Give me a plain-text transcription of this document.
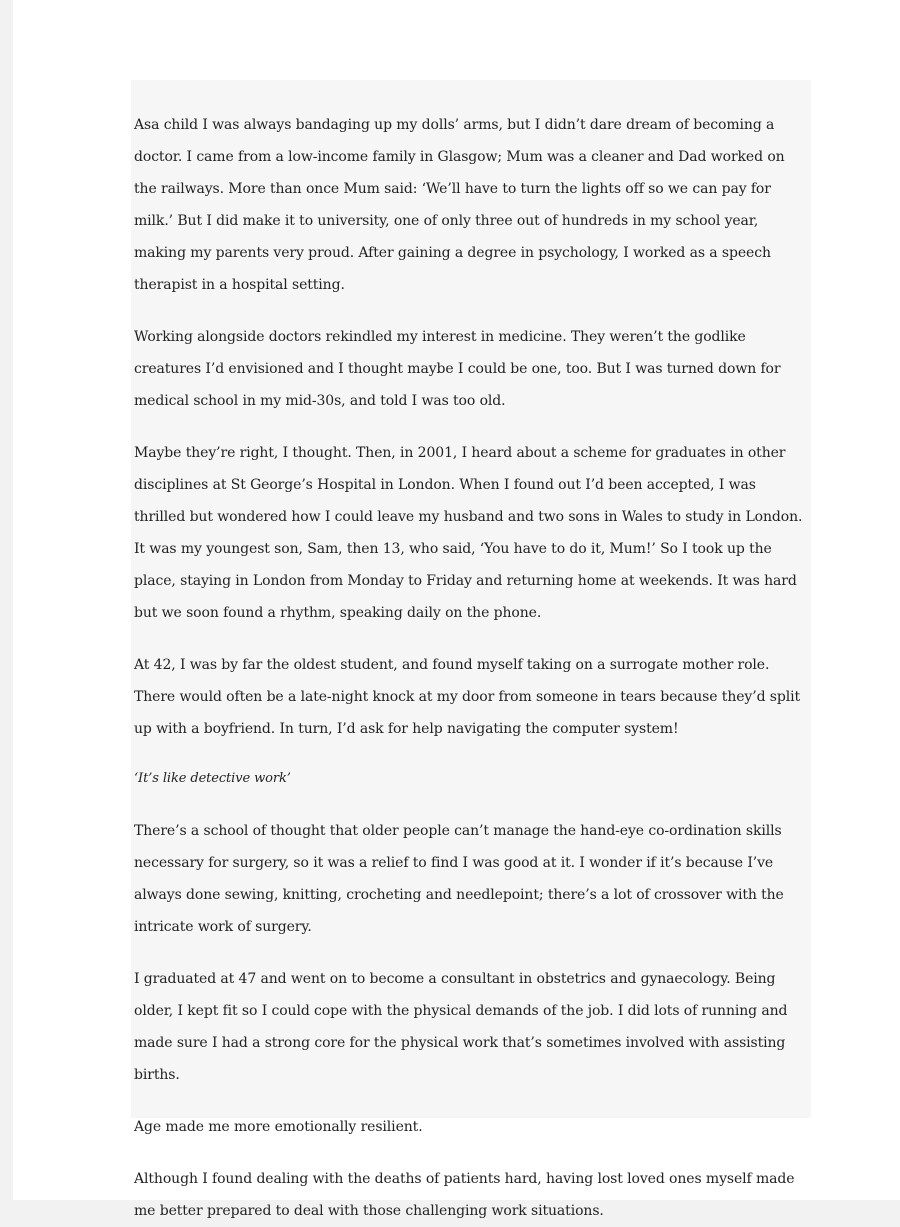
Asa child I was always bandaging up my dolls’ arms, but I didn’t dare dream of becoming a doctor. I came from a low-income family in Glasgow; Mum was a cleaner and Dad worked on the railways. More than once Mum said: ‘We’ll have to turn the lights off so we can pay for milk.’ But I did make it to university, one of only three out of hundreds in my school year, making my parents very proud. After gaining a degree in psychology, I worked as a speech therapist in a hospital setting.

Working alongside doctors rekindled my interest in medicine. They weren’t the godlike creatures I’d envisioned and I thought maybe I could be one, too. But I was turned down for medical school in my mid-30s, and told I was too old.

Maybe they’re right, I thought. Then, in 2001, I heard about a scheme for graduates in other disciplines at St George’s Hospital in London. When I found out I’d been accepted, I was thrilled but wondered how I could leave my husband and two sons in Wales to study in London. It was my youngest son, Sam, then 13, who said, ‘You have to do it, Mum!’ So I took up the place, staying in London from Monday to Friday and returning home at weekends. It was hard but we soon found a rhythm, speaking daily on the phone.

At 42, I was by far the oldest student, and found myself taking on a surrogate mother role. There would often be a late-night knock at my door from someone in tears because they’d split up with a boyfriend. In turn, I’d ask for help navigating the computer system!

‘It’s like detective work’

There’s a school of thought that older people can’t manage the hand-eye co-ordination skills necessary for surgery, so it was a relief to find I was good at it. I wonder if it’s because I’ve always done sewing, knitting, crocheting and needlepoint; there’s a lot of crossover with the intricate work of surgery.

I graduated at 47 and went on to become a consultant in obstetrics and gynaecology. Being older, I kept fit so I could cope with the physical demands of the job. I did lots of running and made sure I had a strong core for the physical work that’s sometimes involved with assisting births.

Age made me more emotionally resilient.

Although I found dealing with the deaths of patients hard, having lost loved ones myself made me better prepared to deal with those challenging work situations.
